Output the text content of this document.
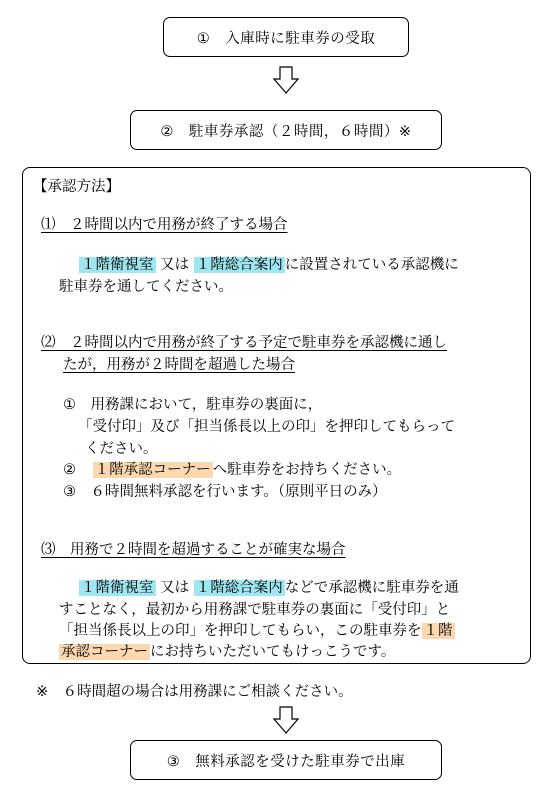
①　入庫時に駐車券の受取
②　駐車券承認（２時間，６時間）※
【承認方法】
⑴　２時間以内で用務が終了する場合
１階衛視室 又は １階総合案内 に設置されている承認機に
駐車券を通してください。
⑵　２時間以内で用務が終了する予定で駐車券を承認機に通し
たが，用務が２時間を超過した場合
①　用務課において，駐車券の裏面に，
「受付印」及び「担当係長以上の印」を押印してもらって
ください。
② １階承認コーナー へ駐車券をお持ちください。
③　６時間無料承認を行います。（原則平日のみ）
⑶　用務で２時間を超過することが確実な場合
１階衛視室 又は １階総合案内 などで承認機に駐車券を通
すことなく，最初から用務課で駐車券の裏面に「受付印」と
「担当係長以上の印」を押印してもらい，この駐車券を １階
承認コーナー にお持ちいただいてもけっこうです。
※　６時間超の場合は用務課にご相談ください。
③　無料承認を受けた駐車券で出庫
